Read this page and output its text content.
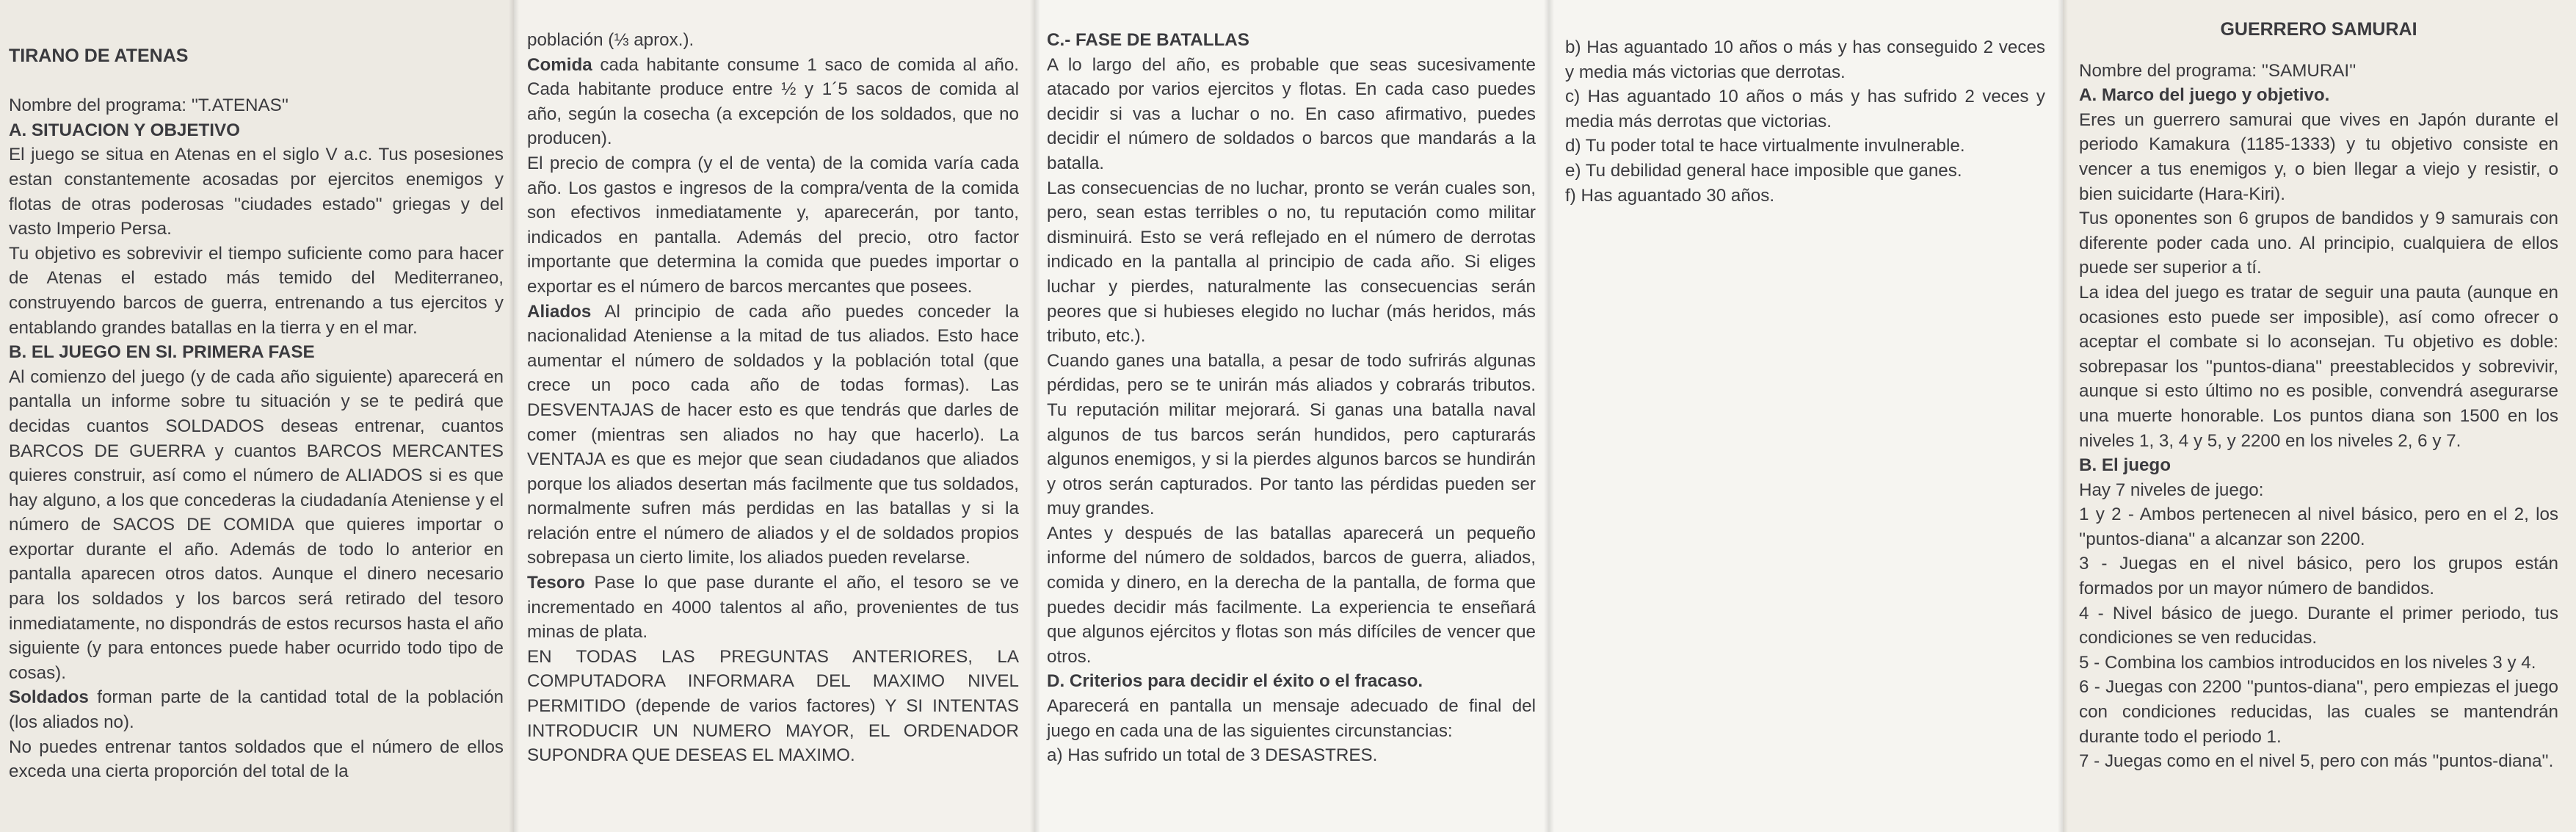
TIRANO DE ATENAS

Nombre del programa: ''T.ATENAS''

A. SITUACION Y OBJETIVO

El juego se situa en Atenas en el siglo V a.c. Tus posesiones estan constantemente acosadas por ejercitos enemigos y flotas de otras poderosas ''ciudades estado'' griegas y del vasto Imperio Persa.

Tu objetivo es sobrevivir el tiempo suficiente como para hacer de Atenas el estado más temido del Mediterraneo, construyendo barcos de guerra, entrenando a tus ejercitos y entablando grandes batallas en la tierra y en el mar.

B. EL JUEGO EN SI. PRIMERA FASE

Al comienzo del juego (y de cada año siguiente) aparecerá en pantalla un informe sobre tu situación y se te pedirá que decidas cuantos SOLDADOS deseas entrenar, cuantos BARCOS DE GUERRA y cuantos BARCOS MERCANTES quieres construir, así como el número de ALIADOS si es que hay alguno, a los que concederas la ciudadanía Ateniense y el número de SACOS DE COMIDA que quieres importar o exportar durante el año. Además de todo lo anterior en pantalla aparecen otros datos. Aunque el dinero necesario para los soldados y los barcos será retirado del tesoro inmediatamente, no dispondrás de estos recursos hasta el año siguiente (y para entonces puede haber ocurrido todo tipo de cosas).

Soldados forman parte de la cantidad total de la población (los aliados no).

No puedes entrenar tantos soldados que el número de ellos exceda una cierta proporción del total de la

población (⅓ aprox.).

Comida cada habitante consume 1 saco de comida al año. Cada habitante produce entre ½ y 1´5 sacos de comida al año, según la cosecha (a excepción de los soldados, que no producen).

El precio de compra (y el de venta) de la comida varía cada año. Los gastos e ingresos de la compra/venta de la comida son efectivos inmediatamente y, aparecerán, por tanto, indicados en pantalla. Además del precio, otro factor importante que determina la comida que puedes importar o exportar es el número de barcos mercantes que posees.

Aliados Al principio de cada año puedes conceder la nacionalidad Ateniense a la mitad de tus aliados. Esto hace aumentar el número de soldados y la población total (que crece un poco cada año de todas formas). Las DESVENTAJAS de hacer esto es que tendrás que darles de comer (mientras sen aliados no hay que hacerlo). La VENTAJA es que es mejor que sean ciudadanos que aliados porque los aliados desertan más facilmente que tus soldados, normalmente sufren más perdidas en las batallas y si la relación entre el número de aliados y el de soldados propios sobrepasa un cierto limite, los aliados pueden revelarse.

Tesoro Pase lo que pase durante el año, el tesoro se ve incrementado en 4000 talentos al año, provenientes de tus minas de plata.

EN TODAS LAS PREGUNTAS ANTERIORES, LA COMPUTADORA INFORMARA DEL MAXIMO NIVEL PERMITIDO (depende de varios factores) Y SI INTENTAS INTRODUCIR UN NUMERO MAYOR, EL ORDENADOR SUPONDRA QUE DESEAS EL MAXIMO.

C.- FASE DE BATALLAS

A lo largo del año, es probable que seas sucesivamente atacado por varios ejercitos y flotas. En cada caso puedes decidir si vas a luchar o no. En caso afirmativo, puedes decidir el número de soldados o barcos que mandarás a la batalla.

Las consecuencias de no luchar, pronto se verán cuales son, pero, sean estas terribles o no, tu reputación como militar disminuirá. Esto se verá reflejado en el número de derrotas indicado en la pantalla al principio de cada año. Si eliges luchar y pierdes, naturalmente las consecuencias serán peores que si hubieses elegido no luchar (más heridos, más tributo, etc.).

Cuando ganes una batalla, a pesar de todo sufrirás algunas pérdidas, pero se te unirán más aliados y cobrarás tributos. Tu reputación militar mejorará. Si ganas una batalla naval algunos de tus barcos serán hundidos, pero capturarás algunos enemigos, y si la pierdes algunos barcos se hundirán y otros serán capturados. Por tanto las pérdidas pueden ser muy grandes.

Antes y después de las batallas aparecerá un pequeño informe del número de soldados, barcos de guerra, aliados, comida y dinero, en la derecha de la pantalla, de forma que puedes decidir más facilmente. La experiencia te enseñará que algunos ejércitos y flotas son más difíciles de vencer que otros.

D. Criterios para decidir el éxito o el fracaso.

Aparecerá en pantalla un mensaje adecuado de final del juego en cada una de las siguientes circunstancias:

a) Has sufrido un total de 3 DESASTRES.

b) Has aguantado 10 años o más y has conseguido 2 veces y media más victorias que derrotas.

c) Has aguantado 10 años o más y has sufrido 2 veces y media más derrotas que victorias.

d) Tu poder total te hace virtualmente invulnerable.

e) Tu debilidad general hace imposible que ganes.

f) Has aguantado 30 años.

GUERRERO SAMURAI

Nombre del programa: ''SAMURAI''

A. Marco del juego y objetivo.

Eres un guerrero samurai que vives en Japón durante el periodo Kamakura (1185-1333) y tu objetivo consiste en vencer a tus enemigos y, o bien llegar a viejo y resistir, o bien suicidarte (Hara-Kiri).

Tus oponentes son 6 grupos de bandidos y 9 samurais con diferente poder cada uno. Al principio, cualquiera de ellos puede ser superior a tí.

La idea del juego es tratar de seguir una pauta (aunque en ocasiones esto puede ser imposible), así como ofrecer o aceptar el combate si lo aconsejan. Tu objetivo es doble: sobrepasar los ''puntos-diana'' preestablecidos y sobrevivir, aunque si esto último no es posible, convendrá asegurarse una muerte honorable. Los puntos diana son 1500 en los niveles 1, 3, 4 y 5, y 2200 en los niveles 2, 6 y 7.

B. El juego

Hay 7 niveles de juego:

1 y 2 - Ambos pertenecen al nivel básico, pero en el 2, los ''puntos-diana'' a alcanzar son 2200.

3 - Juegas en el nivel básico, pero los grupos están formados por un mayor número de bandidos.

4 - Nivel básico de juego. Durante el primer periodo, tus condiciones se ven reducidas.

5 - Combina los cambios introducidos en los niveles 3 y 4.

6 - Juegas con 2200 ''puntos-diana'', pero empiezas el juego con condiciones reducidas, las cuales se mantendrán durante todo el periodo 1.

7 - Juegas como en el nivel 5, pero con más ''puntos-diana''.
